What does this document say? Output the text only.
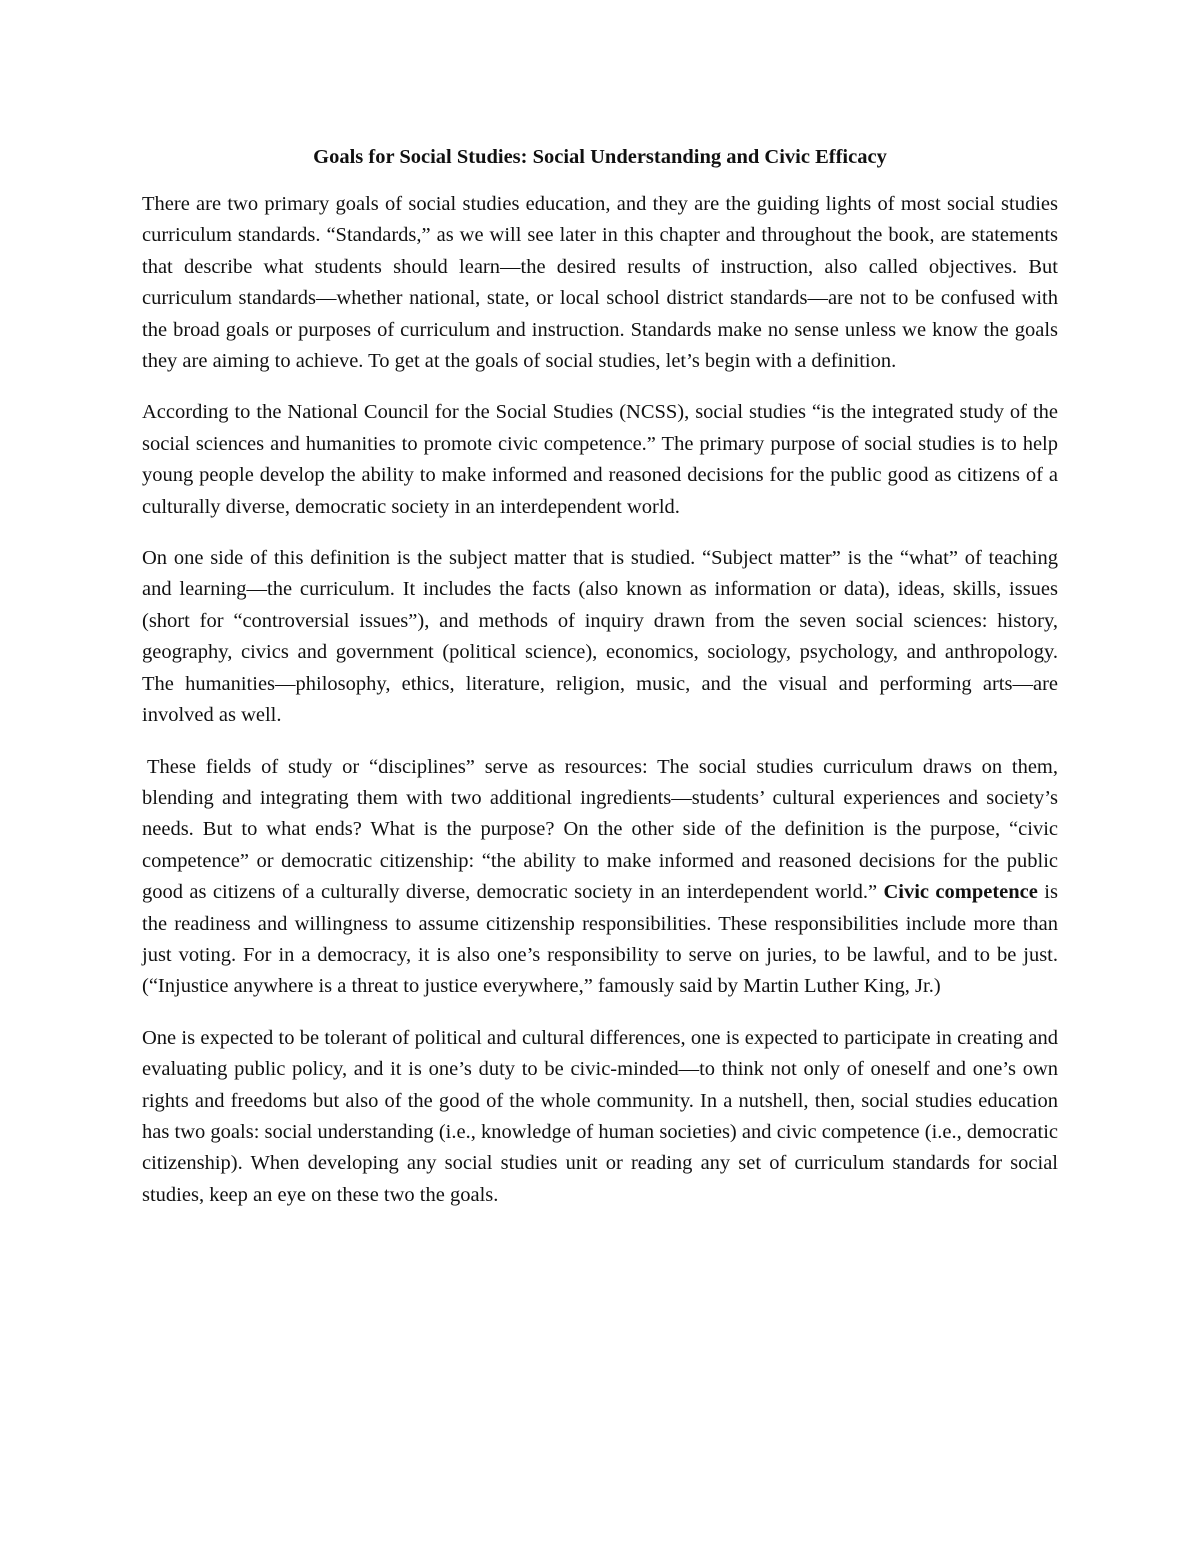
Goals for Social Studies: Social Understanding and Civic Efficacy

There are two primary goals of social studies education, and they are the guiding lights of most social studies curriculum standards. “Standards,” as we will see later in this chapter and throughout the book, are statements that describe what students should learn—the desired results of instruction, also called objectives. But curriculum standards—whether national, state, or local school district standards—are not to be confused with the broad goals or purposes of curriculum and instruction. Standards make no sense unless we know the goals they are aiming to achieve. To get at the goals of social studies, let’s begin with a definition.

According to the National Council for the Social Studies (NCSS), social studies “is the integrated study of the social sciences and humanities to promote civic competence.” The primary purpose of social studies is to help young people develop the ability to make informed and reasoned decisions for the public good as citizens of a culturally diverse, democratic society in an interdependent world.

On one side of this definition is the subject matter that is studied. “Subject matter” is the “what” of teaching and learning—the curriculum. It includes the facts (also known as information or data), ideas, skills, issues (short for “controversial issues”), and methods of inquiry drawn from the seven social sciences: history, geography, civics and government (political science), economics, sociology, psychology, and anthropology. The humanities—philosophy, ethics, literature, religion, music, and the visual and performing arts—are involved as well.

These fields of study or “disciplines” serve as resources: The social studies curriculum draws on them, blending and integrating them with two additional ingredients—students’ cultural experiences and society’s needs. But to what ends? What is the purpose? On the other side of the definition is the purpose, “civic competence” or democratic citizenship: “the ability to make informed and reasoned decisions for the public good as citizens of a culturally diverse, democratic society in an interdependent world.” Civic competence is the readiness and willingness to assume citizenship responsibilities. These responsibilities include more than just voting. For in a democracy, it is also one’s responsibility to serve on juries, to be lawful, and to be just. (“Injustice anywhere is a threat to justice everywhere,” famously said by Martin Luther King, Jr.)

One is expected to be tolerant of political and cultural differences, one is expected to participate in creating and evaluating public policy, and it is one’s duty to be civic-minded—to think not only of oneself and one’s own rights and freedoms but also of the good of the whole community. In a nutshell, then, social studies education has two goals: social understanding (i.e., knowledge of human societies) and civic competence (i.e., democratic citizenship). When developing any social studies unit or reading any set of curriculum standards for social studies, keep an eye on these two the goals.
